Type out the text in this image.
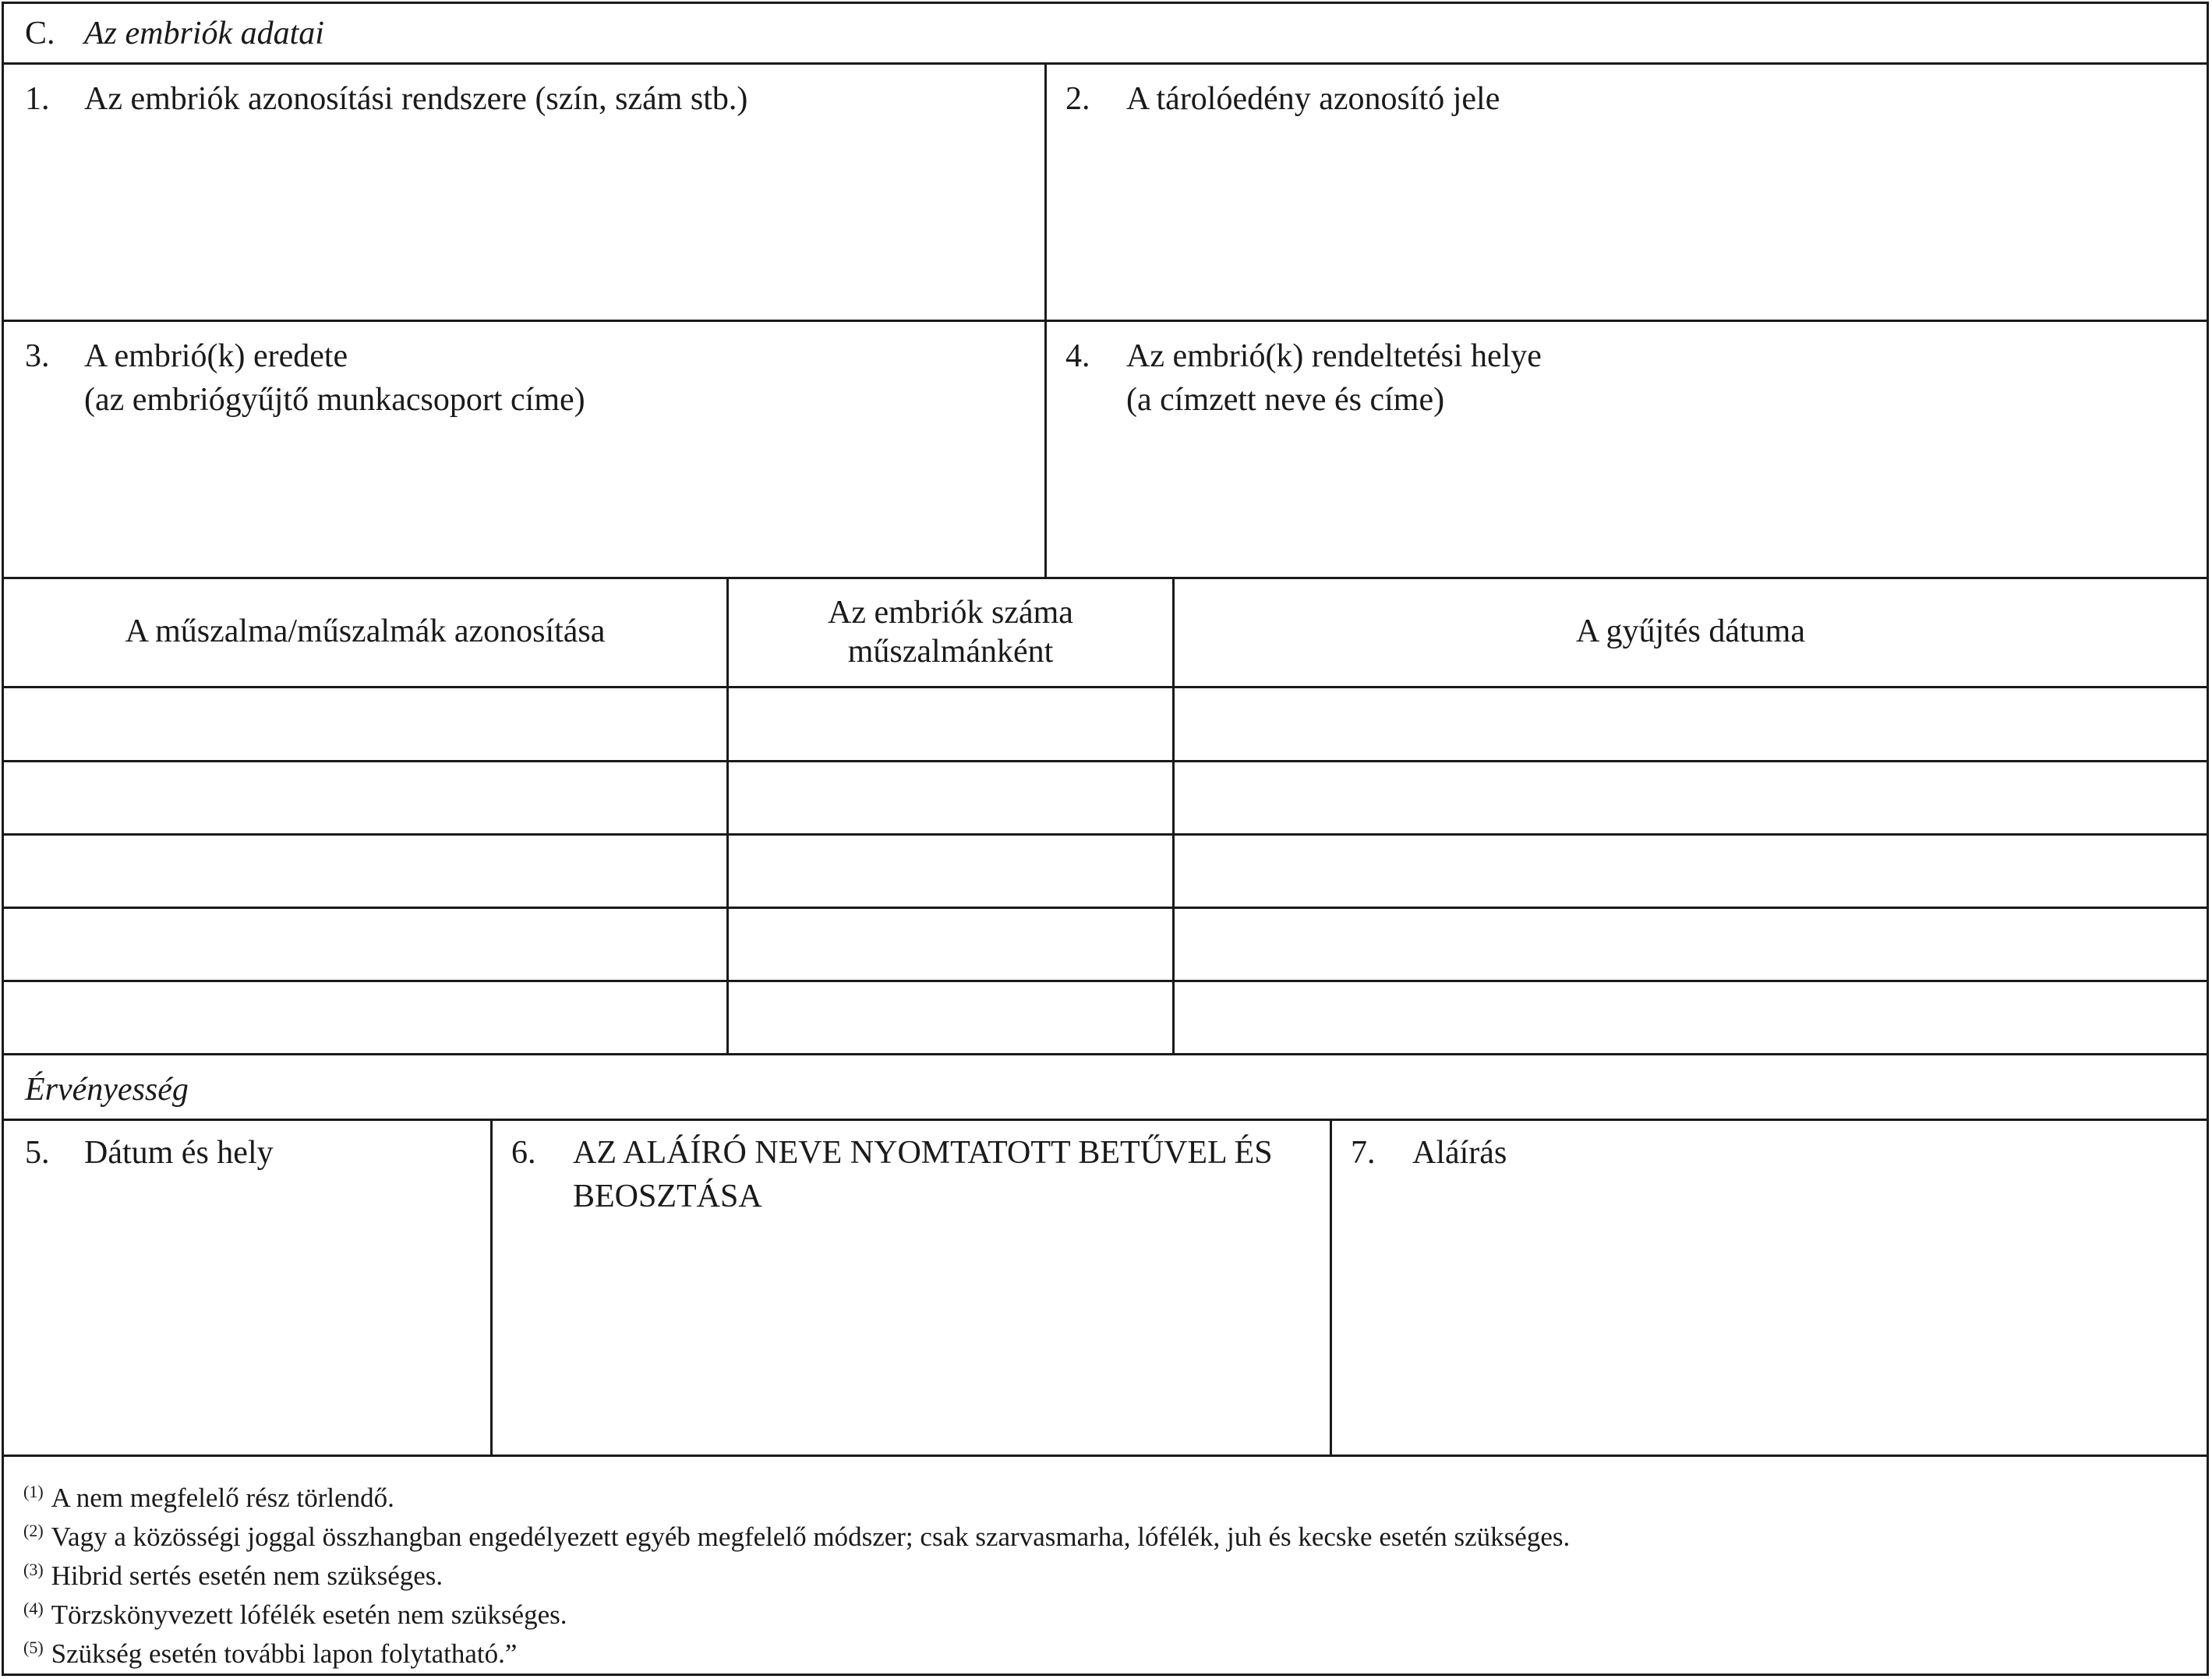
C. Az embriók adatai
1. Az embriók azonosítási rendszere (szín, szám stb.)	2. A tárolóedény azonosító jele
3. A embrió(k) eredete
(az embriógyűjtő munkacsoport címe)
4. Az embrió(k) rendeltetési helye
(a címzett neve és címe)
A műszalma/műszalmák azonosítása
Az embriók száma
műszalmánként
A gyűjtés dátuma
Érvényesség
5. Dátum és hely	6. AZ ALÁÍRÓ NEVE NYOMTATOTT BETŰVEL ÉS
BEOSZTÁSA
7. Aláírás
$^{(1)}$ A nem megfelelő rész törlendő.
$^{(2)}$ Vagy a közösségi joggal összhangban engedélyezett egyéb megfelelő módszer; csak szarvasmarha, lófélék, juh és kecske esetén szükséges.
$^{(3)}$ Hibrid sertés esetén nem szükséges.
$^{(4)}$ Törzskönyvezett lófélék esetén nem szükséges.
$^{(5)}$ Szükség esetén további lapon folytatható.”
